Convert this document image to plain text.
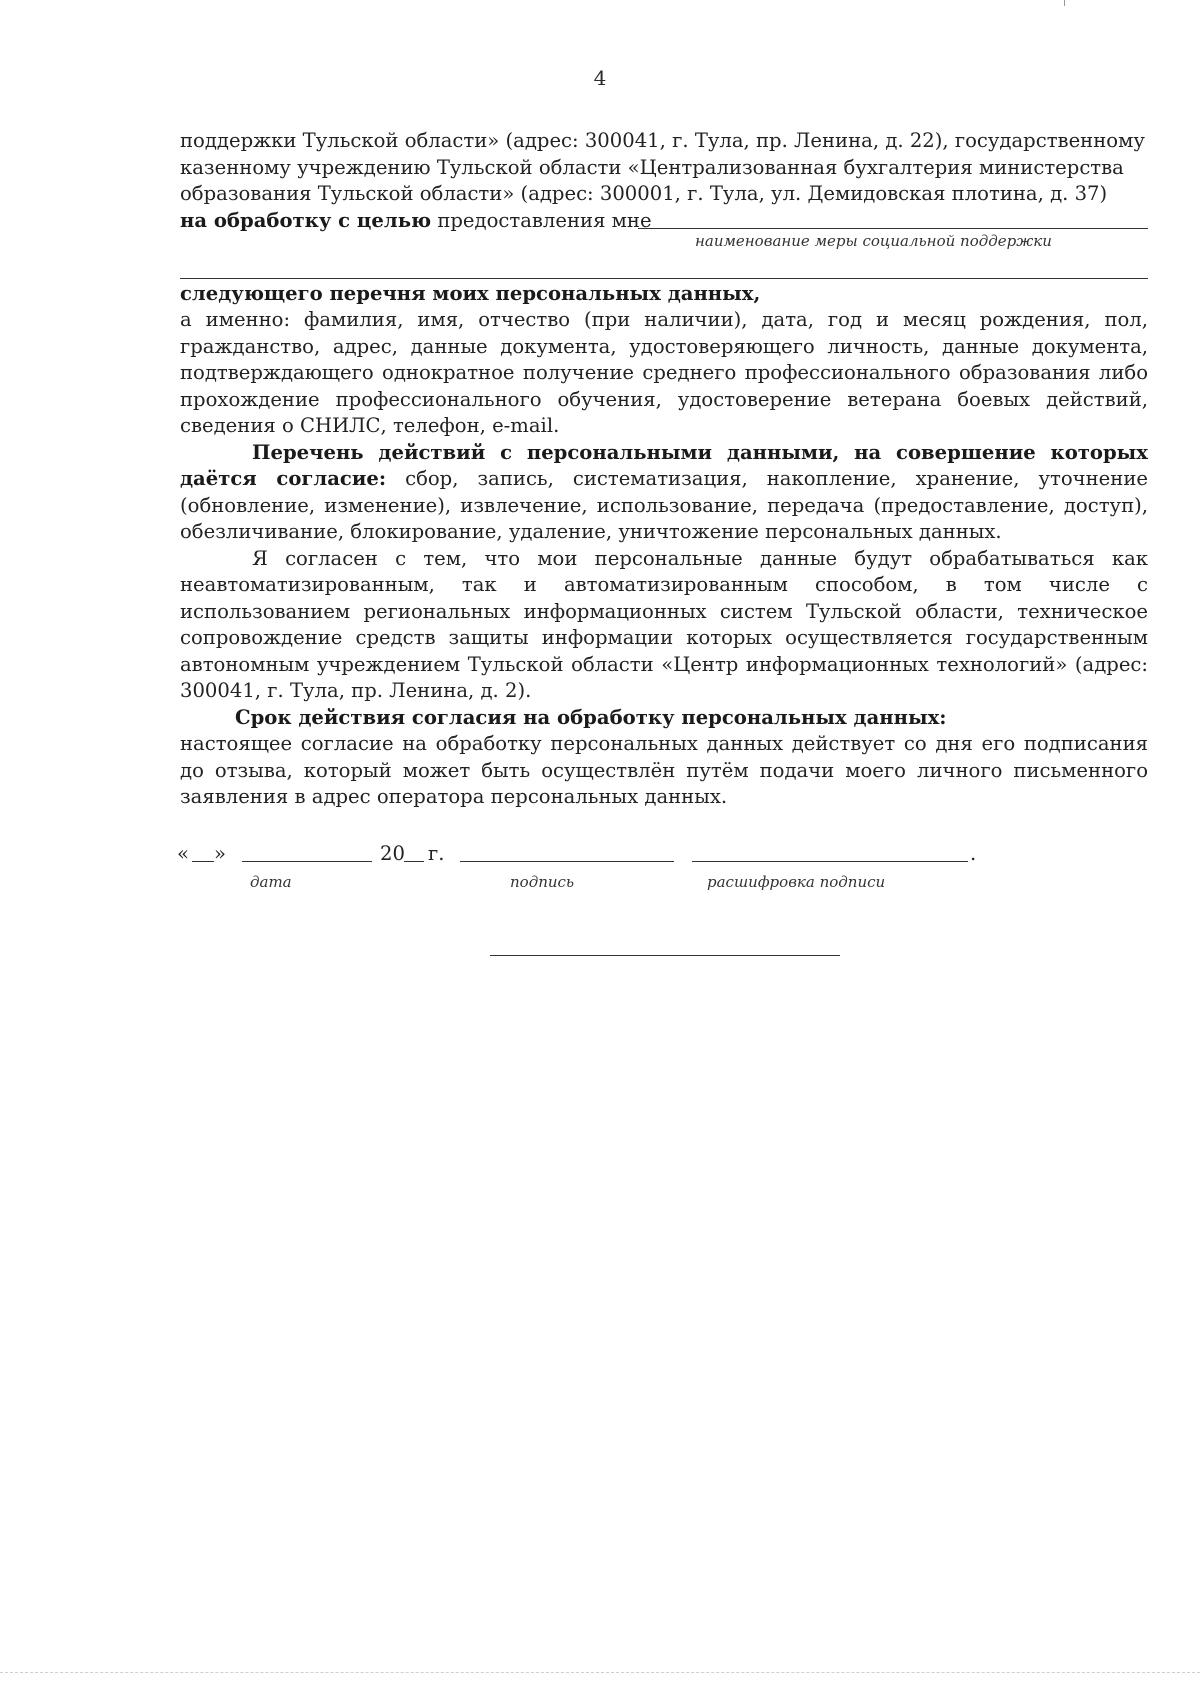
4

поддержки Тульской области» (адрес: 300041, г. Тула, пр. Ленина, д. 22), государственному

казенному учреждению Тульской области «Централизованная бухгалтерия министерства

образования Тульской области» (адрес: 300001, г. Тула, ул. Демидовская плотина, д. 37)

на обработку с целью предоставления мне
наименование меры социальной поддержки

следующего перечня моих персональных данных,

а именно: фамилия, имя, отчество (при наличии), дата, год и месяц рождения, пол, гражданство, адрес, данные документа, удостоверяющего личность, данные документа, подтверждающего однократное получение среднего профессионального образования либо прохождение профессионального обучения, удостоверение ветерана боевых действий, сведения о СНИЛС, телефон, e-mail.

Перечень действий с персональными данными, на совершение которых даётся согласие: сбор, запись, систематизация, накопление, хранение, уточнение (обновление, изменение), извлечение, использование, передача (предоставление, доступ), обезличивание, блокирование, удаление, уничтожение персональных данных.

Я согласен с тем, что мои персональные данные будут обрабатываться как неавтоматизированным, так и автоматизированным способом, в том числе с использованием региональных информационных систем Тульской области, техническое сопровождение средств защиты информации которых осуществляется государственным автономным учреждением Тульской области «Центр информационных технологий» (адрес: 300041, г. Тула, пр. Ленина, д. 2).

Срок действия согласия на обработку персональных данных:

настоящее согласие на обработку персональных данных действует со дня его подписания до отзыва, который может быть осуществлён путём подачи моего личного письменного заявления в адрес оператора персональных данных.

« »	20 г.	.
дата	подпись	расшифровка подписи
